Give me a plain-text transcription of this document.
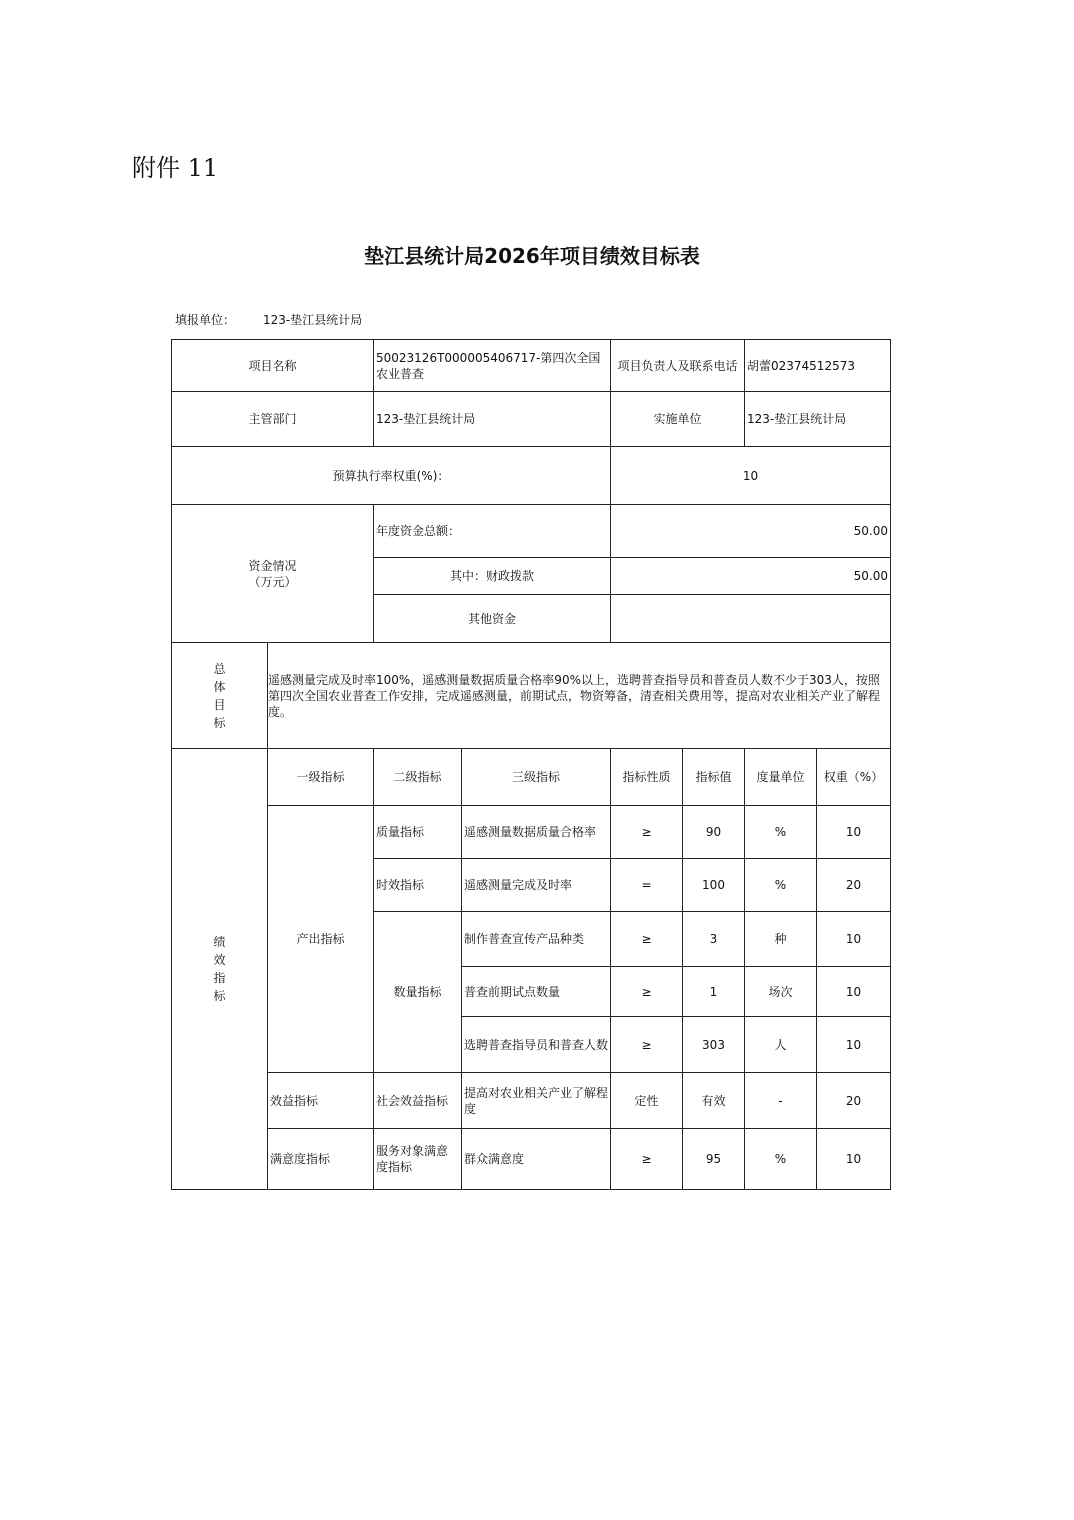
附件 11
垫江县统计局2026年项目绩效目标表
填报单位： 123-垫江县统计局
项目名称		50023126T000005406717-第四次全国农业普查		项目负责人及联系电话		胡蕾02374512573	
主管部门		123-垫江县统计局		实施单位		123-垫江县统计局	
预算执行率权重(%)：				10			
资金情况（万元）		年度资金总额：		50.00			
		其中：财政拨款		50.00			
		其他资金					

总体目标	遥感测量完成及时率100%，遥感测量数据质量合格率90%以上，选聘普查指导员和普查员人数不少于303人，按照第四次全国农业普查工作安排，完成遥感测量，前期试点，物资筹备，清查相关费用等，提高对农业相关产业了解程度。						

绩效指标	一级指标	二级指标	三级指标	指标性质	指标值	度量单位	权重（%）
	产出指标	质量指标	遥感测量数据质量合格率	≥	90	%	10
		时效指标	遥感测量完成及时率	=	100	%	20
		数量指标	制作普查宣传产品种类	≥	3	种	10
			普查前期试点数量	≥	1	场次	10
			选聘普查指导员和普查人数	≥	303	人	10
	效益指标	社会效益指标	提高对农业相关产业了解程度	定性	有效	-	20
	满意度指标	服务对象满意度指标	群众满意度	≥	95	%	10
